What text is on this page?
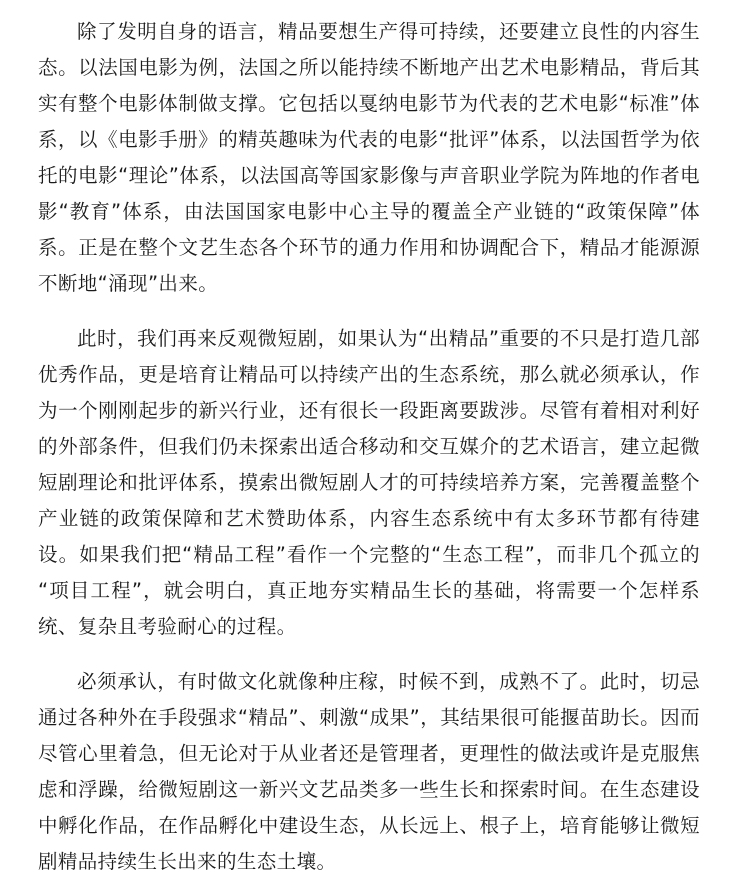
除了发明自身的语言，精品要想生产得可持续，还要建立良性的内容生态。以法国电影为例，法国之所以能持续不断地产出艺术电影精品，背后其实有整个电影体制做支撑。它包括以戛纳电影节为代表的艺术电影“标准”体系，以《电影手册》的精英趣味为代表的电影“批评”体系，以法国哲学为依托的电影“理论”体系，以法国高等国家影像与声音职业学院为阵地的作者电影“教育”体系，由法国国家电影中心主导的覆盖全产业链的“政策保障”体系。正是在整个文艺生态各个环节的通力作用和协调配合下，精品才能源源不断地“涌现”出来。

此时，我们再来反观微短剧，如果认为“出精品”重要的不只是打造几部优秀作品，更是培育让精品可以持续产出的生态系统，那么就必须承认，作为一个刚刚起步的新兴行业，还有很长一段距离要跋涉。尽管有着相对利好的外部条件，但我们仍未探索出适合移动和交互媒介的艺术语言，建立起微短剧理论和批评体系，摸索出微短剧人才的可持续培养方案，完善覆盖整个产业链的政策保障和艺术赞助体系，内容生态系统中有太多环节都有待建设。如果我们把“精品工程”看作一个完整的“生态工程”，而非几个孤立的“项目工程”，就会明白，真正地夯实精品生长的基础，将需要一个怎样系统、复杂且考验耐心的过程。

必须承认，有时做文化就像种庄稼，时候不到，成熟不了。此时，切忌通过各种外在手段强求“精品”、刺激“成果”，其结果很可能揠苗助长。因而尽管心里着急，但无论对于从业者还是管理者，更理性的做法或许是克服焦虑和浮躁，给微短剧这一新兴文艺品类多一些生长和探索时间。在生态建设中孵化作品，在作品孵化中建设生态，从长远上、根子上，培育能够让微短剧精品持续生长出来的生态土壤。
